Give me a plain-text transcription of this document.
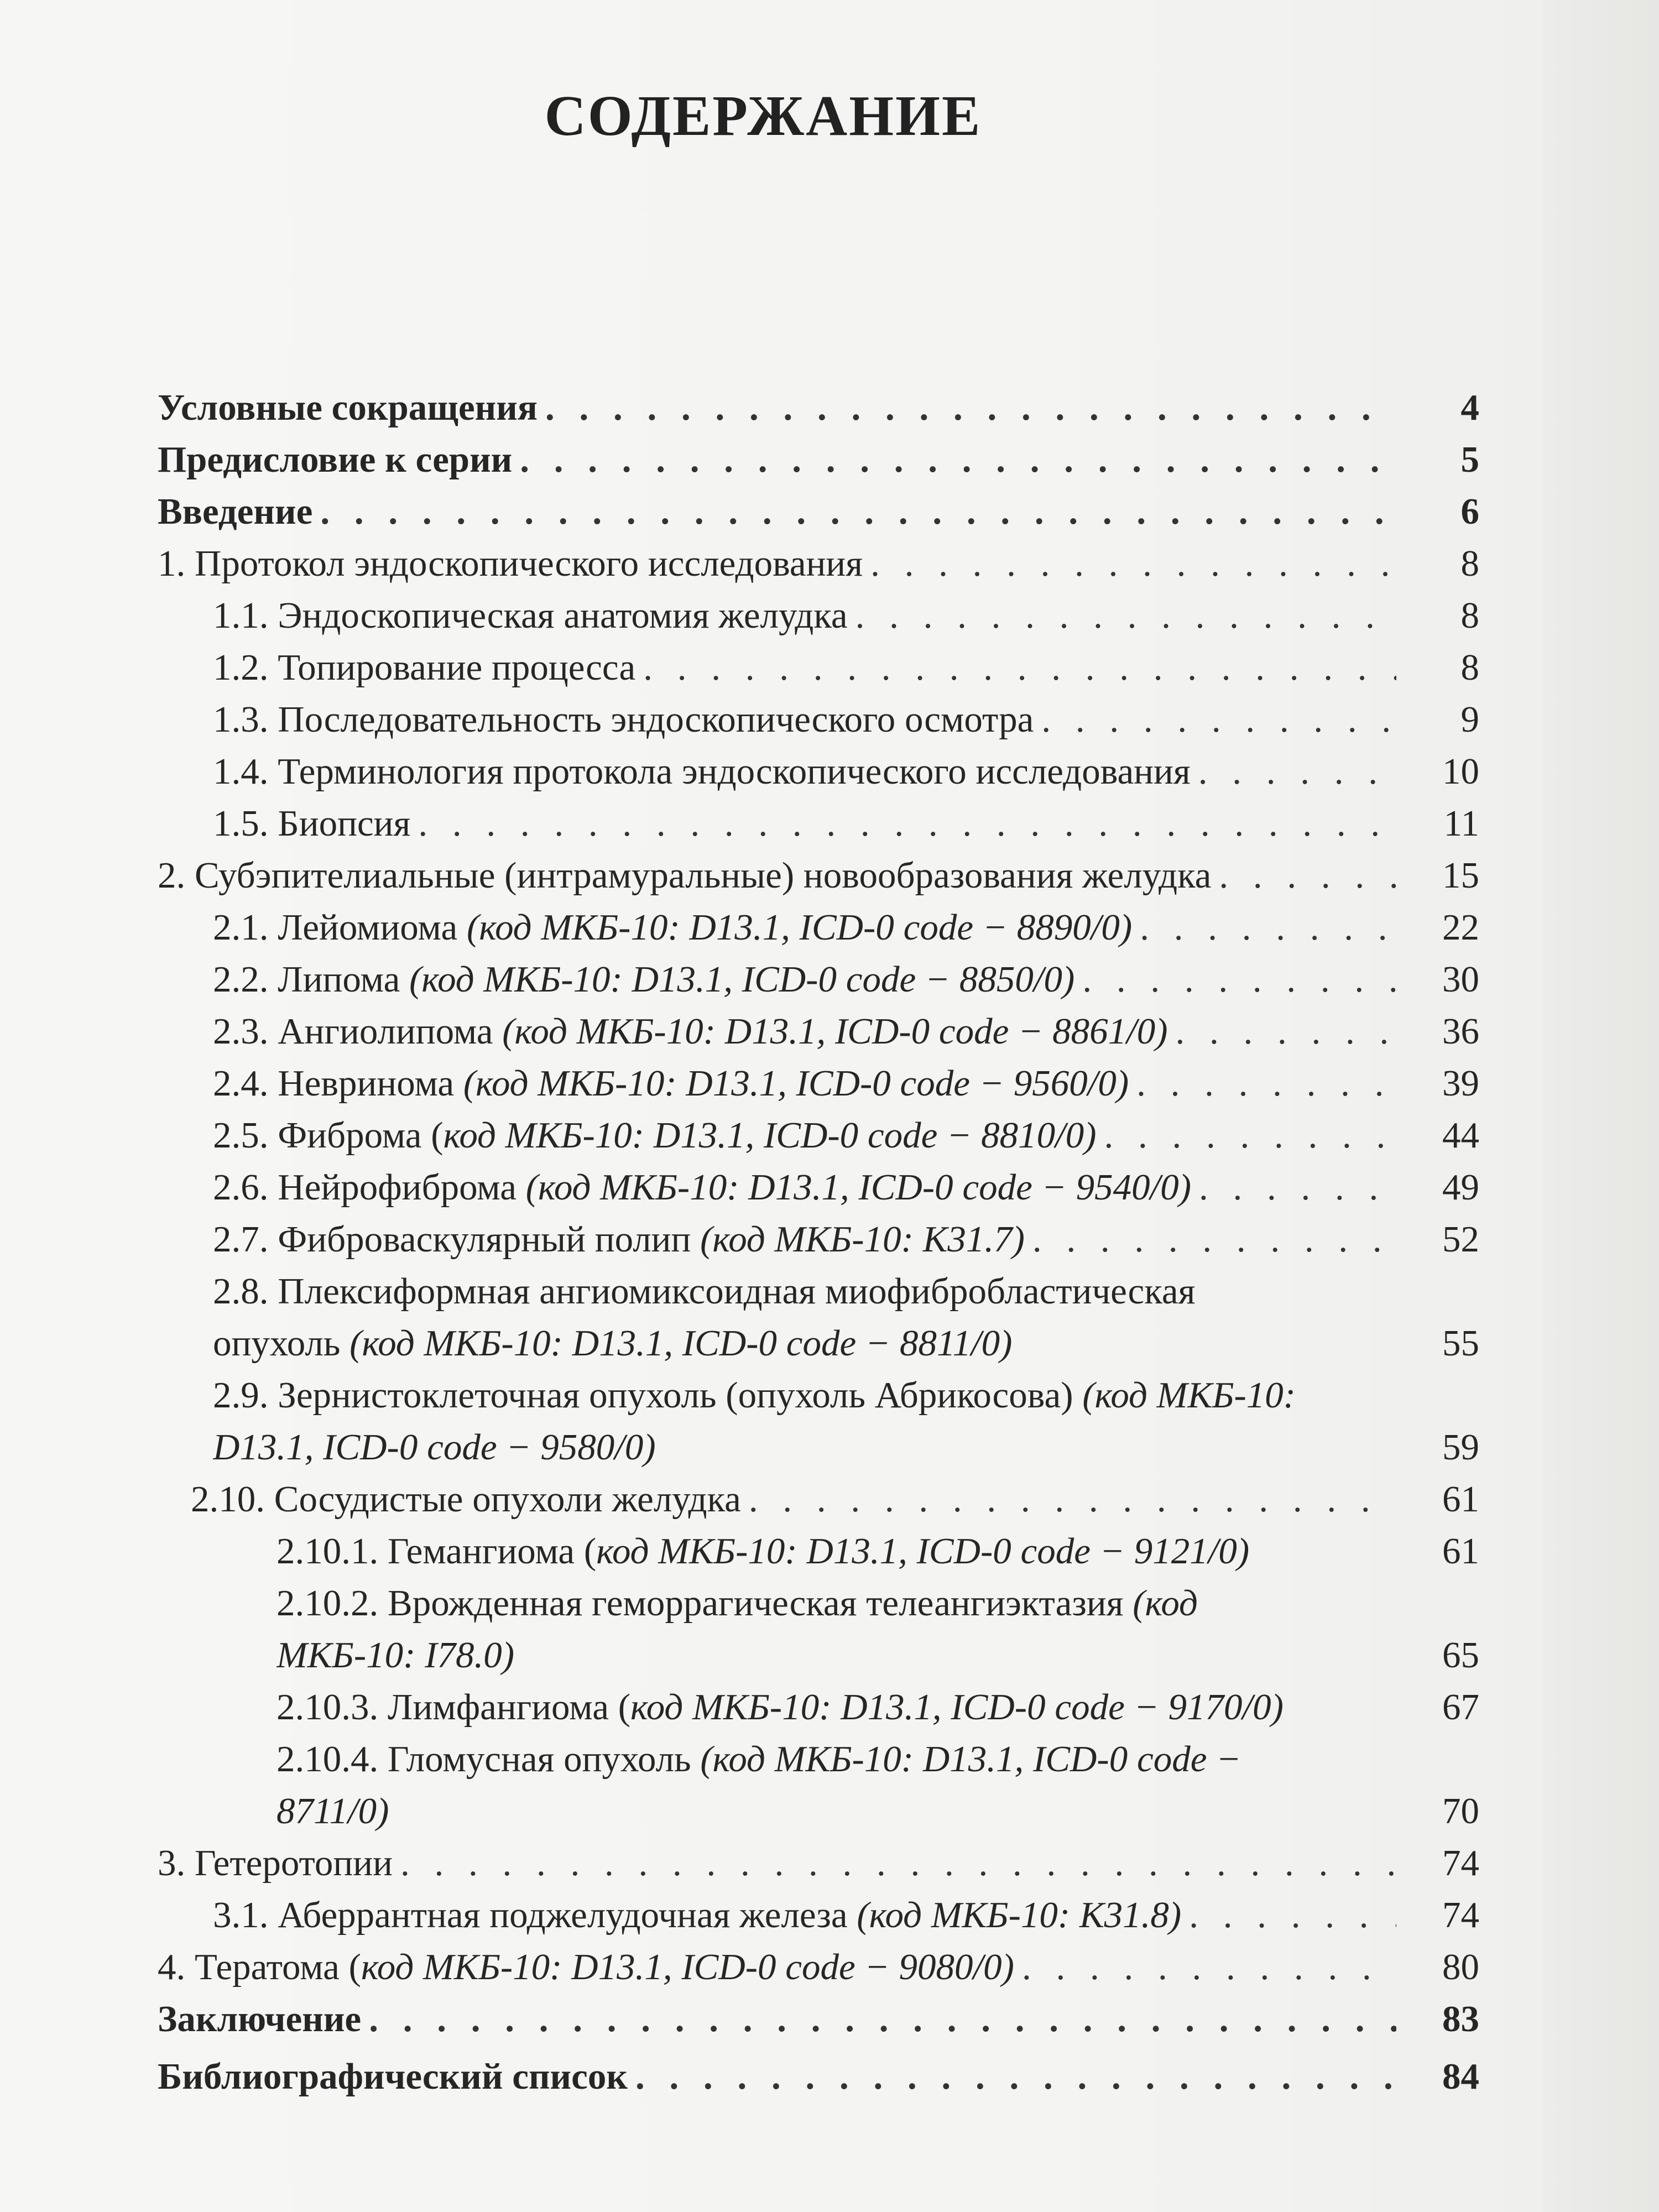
СОДЕРЖАНИЕ
Условные сокращения . . .	4
Предисловие к серии . . .	5
Введение . . .	6
1. Протокол эндоскопического исследования . . .	8
1.1. Эндоскопическая анатомия желудка . . .	8
1.2. Топирование процесса . . .	8
1.3. Последовательность эндоскопического осмотра . . .	9
1.4. Терминология протокола эндоскопического исследования . . .	10
1.5. Биопсия . . .	11
2. Субэпителиальные (интрамуральные) новообразования желудка . . .	15
2.1. Лейомиома (код МКБ-10: D13.1, ICD-0 code − 8890/0) . . .	22
2.2. Липома (код МКБ-10: D13.1, ICD-0 code − 8850/0) . . .	30
2.3. Ангиолипома (код МКБ-10: D13.1, ICD-0 code − 8861/0) . . .	36
2.4. Невринома (код МКБ-10: D13.1, ICD-0 code − 9560/0) . . .	39
2.5. Фиброма (код МКБ-10: D13.1, ICD-0 code − 8810/0) . . .	44
2.6. Нейрофиброма (код МКБ-10: D13.1, ICD-0 code − 9540/0) . . .	49
2.7. Фиброваскулярный полип (код МКБ-10: K31.7) . . .	52
2.8. Плексиформная ангиомиксоидная миофибробластическая
опухоль (код МКБ-10: D13.1, ICD-0 code − 8811/0)	55
2.9. Зернистоклеточная опухоль (опухоль Абрикосова) (код МКБ-10:
D13.1, ICD-0 code − 9580/0)	59
2.10. Сосудистые опухоли желудка . . .	61
2.10.1. Гемангиома (код МКБ-10: D13.1, ICD-0 code − 9121/0)	61
2.10.2. Врожденная геморрагическая телеангиэктазия (код
МКБ-10: I78.0)	65
2.10.3. Лимфангиома (код МКБ-10: D13.1, ICD-0 code − 9170/0)	67
2.10.4. Гломусная опухоль (код МКБ-10: D13.1, ICD-0 code −
8711/0)	70
3. Гетеротопии . . .	74
3.1. Аберрантная поджелудочная железа (код МКБ-10: K31.8) . . .	74
4. Тератома (код МКБ-10: D13.1, ICD-0 code − 9080/0) . . .	80
Заключение . . .	83
Библиографический список . . .	84
